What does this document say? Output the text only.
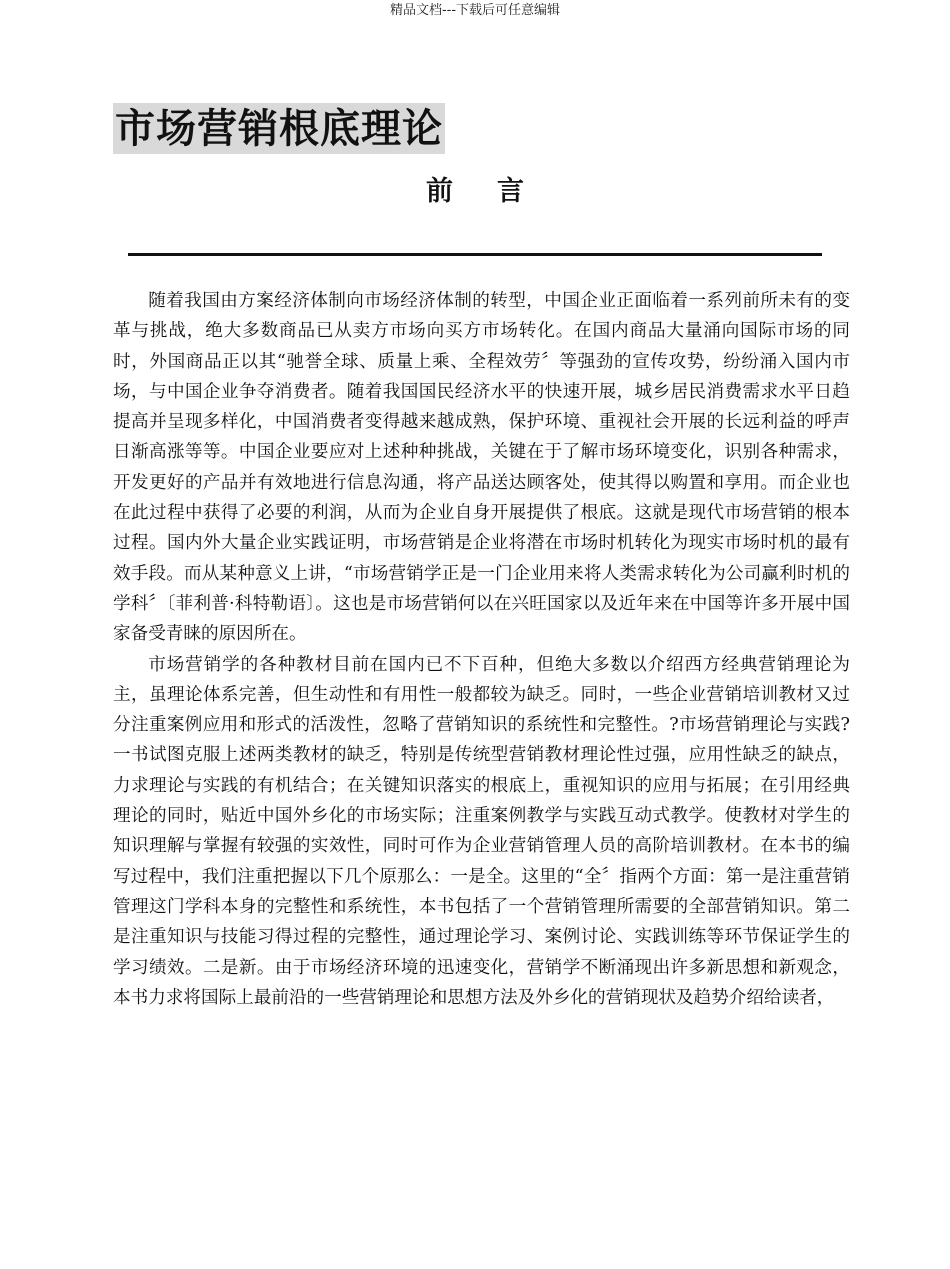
精品文档---下载后可任意编辑
市场营销根底理论
前言

随着我国由方案经济体制向市场经济体制的转型，中国企业正面临着一系列前所未有的变革与挑战，绝大多数商品已从卖方市场向买方市场转化。在国内商品大量涌向国际市场的同时，外国商品正以其“驰誉全球、质量上乘、全程效劳〞等强劲的宣传攻势，纷纷涌入国内市场，与中国企业争夺消费者。随着我国国民经济水平的快速开展，城乡居民消费需求水平日趋提高并呈现多样化，中国消费者变得越来越成熟，保护环境、重视社会开展的长远利益的呼声日渐高涨等等。中国企业要应对上述种种挑战，关键在于了解市场环境变化，识别各种需求，开发更好的产品并有效地进行信息沟通，将产品送达顾客处，使其得以购置和享用。而企业也在此过程中获得了必要的利润，从而为企业自身开展提供了根底。这就是现代市场营销的根本过程。国内外大量企业实践证明，市场营销是企业将潜在市场时机转化为现实市场时机的最有效手段。而从某种意义上讲，“市场营销学正是一门企业用来将人类需求转化为公司赢利时机的学科〞〔菲利普·科特勒语〕。这也是市场营销何以在兴旺国家以及近年来在中国等许多开展中国家备受青睐的原因所在。

市场营销学的各种教材目前在国内已不下百种，但绝大多数以介绍西方经典营销理论为主，虽理论体系完善，但生动性和有用性一般都较为缺乏。同时，一些企业营销培训教材又过分注重案例应用和形式的活泼性，忽略了营销知识的系统性和完整性。?市场营销理论与实践?一书试图克服上述两类教材的缺乏，特别是传统型营销教材理论性过强，应用性缺乏的缺点，力求理论与实践的有机结合；在关键知识落实的根底上，重视知识的应用与拓展；在引用经典理论的同时，贴近中国外乡化的市场实际；注重案例教学与实践互动式教学。使教材对学生的知识理解与掌握有较强的实效性，同时可作为企业营销管理人员的高阶培训教材。在本书的编写过程中，我们注重把握以下几个原那么：一是全。这里的“全〞指两个方面：第一是注重营销管理这门学科本身的完整性和系统性，本书包括了一个营销管理所需要的全部营销知识。第二是注重知识与技能习得过程的完整性，通过理论学习、案例讨论、实践训练等环节保证学生的学习绩效。二是新。由于市场经济环境的迅速变化，营销学不断涌现出许多新思想和新观念，本书力求将国际上最前沿的一些营销理论和思想方法及外乡化的营销现状及趋势介绍给读者，
